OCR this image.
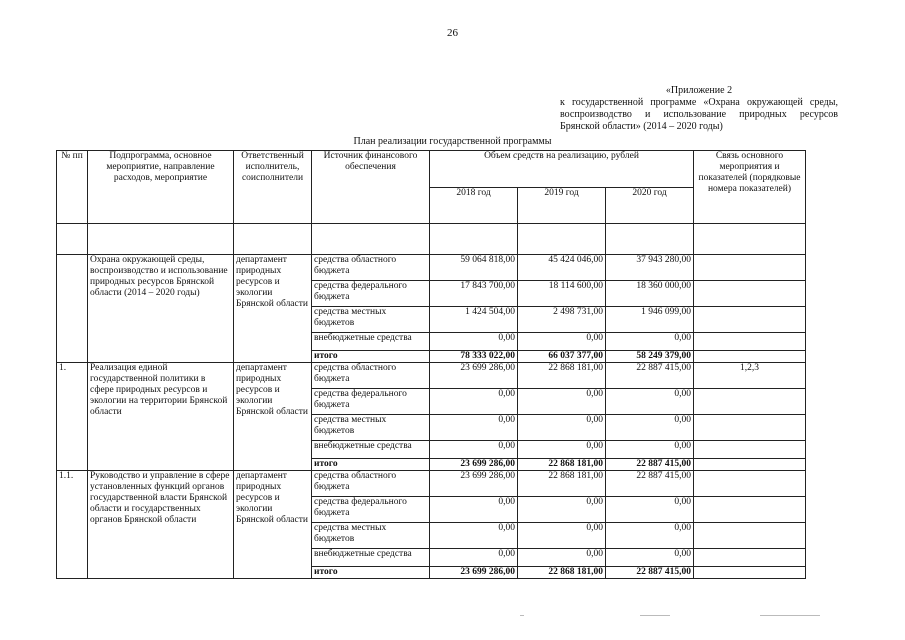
26
«Приложение 2
к государственной программе «Охрана окружающей среды,
воспроизводство и использование природных ресурсов
Брянской области» (2014 – 2020 годы)
План реализации государственной программы
№ пп	Подпрограмма, основное мероприятие, направление расходов, мероприятие	Ответственный исполнитель, соисполнители	Источник финансового обеспечения	Объем средств на реализацию, рублей			Связь основного мероприятия и показателей (порядковые номера показателей)
				2018 год	2019 год	2020 год	

	Охрана окружающей среды, воспроизводство и использование природных ресурсов Брянской области (2014 – 2020 годы)	департамент природных ресурсов и экологии Брянской области	средства областного бюджета	59 064 818,00	45 424 046,00	37 943 280,00	
			средства федерального бюджета	17 843 700,00	18 114 600,00	18 360 000,00	
			средства местных бюджетов	1 424 504,00	2 498 731,00	1 946 099,00	
			внебюджетные средства	0,00	0,00	0,00	
			итого	78 333 022,00	66 037 377,00	58 249 379,00	
1.	Реализация единой государственной политики в сфере природных ресурсов и экологии на территории Брянской области	департамент природных ресурсов и экологии Брянской области	средства областного бюджета	23 699 286,00	22 868 181,00	22 887 415,00	1,2,3
			средства федерального бюджета	0,00	0,00	0,00	
			средства местных бюджетов	0,00	0,00	0,00	
			внебюджетные средства	0,00	0,00	0,00	
			итого	23 699 286,00	22 868 181,00	22 887 415,00	
1.1.	Руководство и управление в сфере установленных функций органов государственной власти Брянской области и государственных органов Брянской области	департамент природных ресурсов и экологии Брянской области	средства областного бюджета	23 699 286,00	22 868 181,00	22 887 415,00	
			средства федерального бюджета	0,00	0,00	0,00	
			средства местных бюджетов	0,00	0,00	0,00	
			внебюджетные средства	0,00	0,00	0,00	
			итого	23 699 286,00	22 868 181,00	22 887 415,00	
